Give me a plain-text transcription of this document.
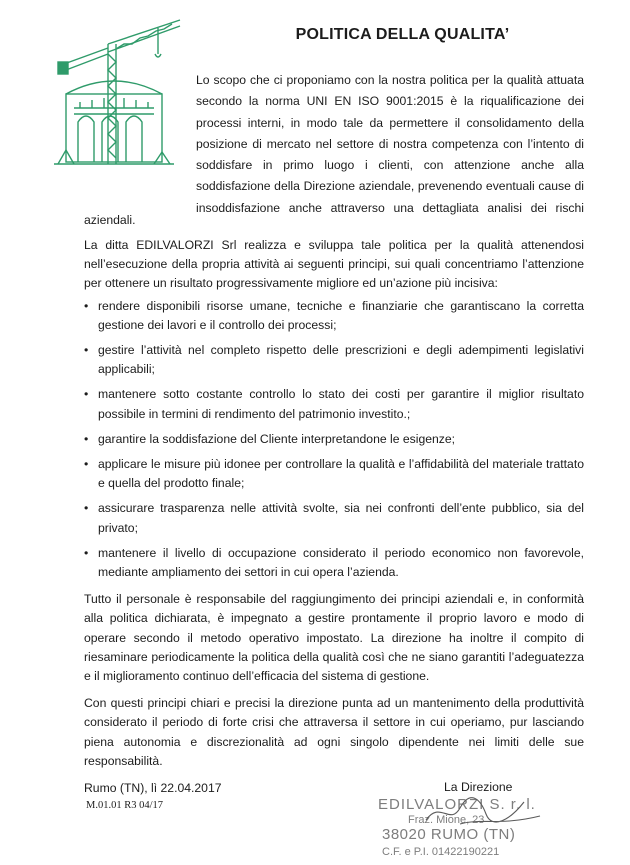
POLITICA DELLA QUALITA’
Lo scopo che ci proponiamo con la nostra politica per la qualità attuata
secondo la norma UNI EN ISO 9001:2015 è la riqualificazione dei
processi interni, in modo tale da permettere il consolidamento della
posizione di mercato nel settore di nostra competenza con l’intento di
soddisfare in primo luogo i clienti, con attenzione anche alla
soddisfazione della Direzione aziendale, prevenendo eventuali cause di
insoddisfazione anche attraverso una dettagliata analisi dei rischi
aziendali.

La ditta EDILVALORZI Srl realizza e sviluppa tale politica per la qualità attenendosi nell’esecuzione della propria attività ai seguenti principi, sui quali concentriamo l’attenzione per ottenere un risultato progressivamente migliore ed un’azione più incisiva:

• rendere disponibili risorse umane, tecniche e finanziarie che garantiscano la corretta gestione dei lavori e il controllo dei processi;
• gestire l’attività nel completo rispetto delle prescrizioni e degli adempimenti legislativi applicabili;
• mantenere sotto costante controllo lo stato dei costi per garantire il miglior risultato possibile in termini di rendimento del patrimonio investito.;
• garantire la soddisfazione del Cliente interpretandone le esigenze;
• applicare le misure più idonee per controllare la qualità e l’affidabilità del materiale trattato e quella del prodotto finale;
• assicurare trasparenza nelle attività svolte, sia nei confronti dell’ente pubblico, sia del privato;
• mantenere il livello di occupazione considerato il periodo economico non favorevole, mediante ampliamento dei settori in cui opera l’azienda.

Tutto il personale è responsabile del raggiungimento dei principi aziendali e, in conformità alla politica dichiarata, è impegnato a gestire prontamente il proprio lavoro e modo di operare secondo il metodo operativo impostato. La direzione ha inoltre il compito di riesaminare periodicamente la politica della qualità così che ne siano garantiti l’adeguatezza e il miglioramento continuo dell’efficacia del sistema di gestione.

Con questi principi chiari e precisi la direzione punta ad un mantenimento della produttività considerato il periodo di forte crisi che attraversa il settore in cui operiamo, pur lasciando piena autonomia e discrezionalità ad ogni singolo dipendente nei limiti delle sue responsabilità.

Rumo (TN), lì 22.04.2017	La Direzione
M.01.01 R3 04/17	EDILVALORZI S. r. l.
Fraz. Mione, 23
38020 RUMO (TN)
C.F. e P.I. 01422190221
